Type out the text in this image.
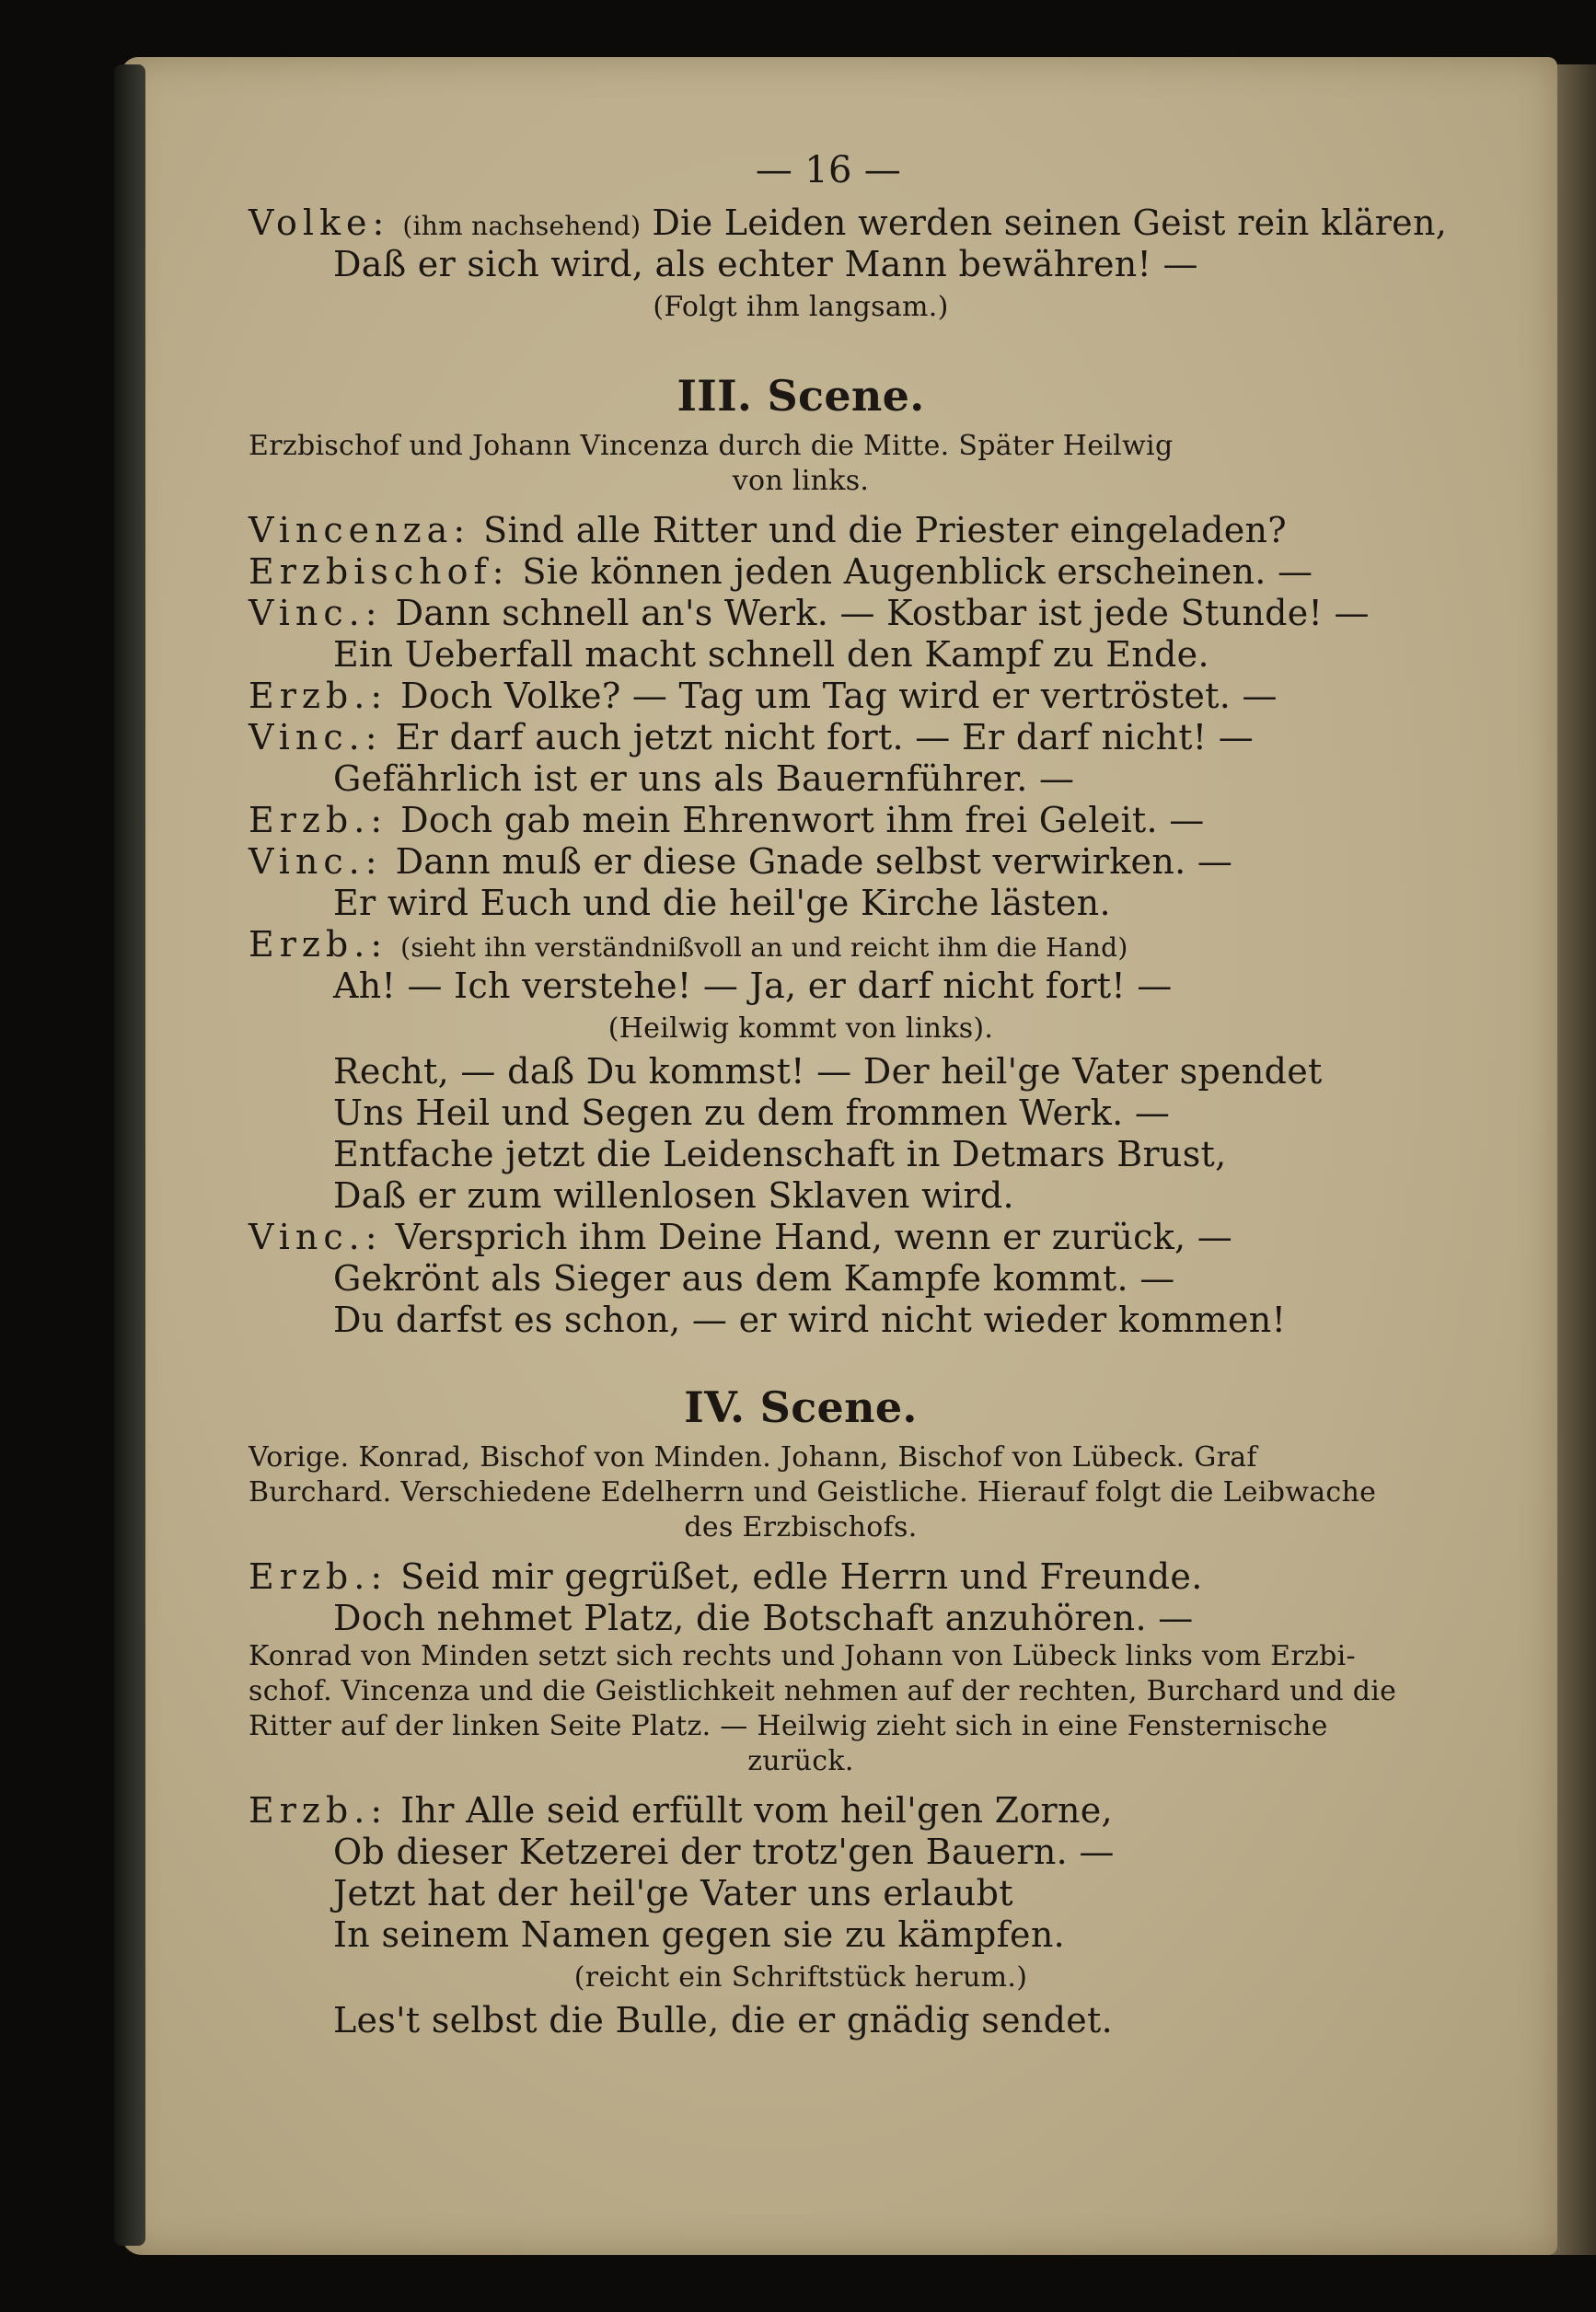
— 16 —
Volke: (ihm nachsehend) Die Leiden werden seinen Geist rein klären,
Daß er sich wird, als echter Mann bewähren! —
(Folgt ihm langsam.)
III. Scene.
Erzbischof und Johann Vincenza durch die Mitte. Später Heilwig
von links.
Vincenza: Sind alle Ritter und die Priester eingeladen?
Erzbischof: Sie können jeden Augenblick erscheinen. —
Vinc.: Dann schnell an's Werk. — Kostbar ist jede Stunde! —
Ein Ueberfall macht schnell den Kampf zu Ende.
Erzb.: Doch Volke? — Tag um Tag wird er vertröstet. —
Vinc.: Er darf auch jetzt nicht fort. — Er darf nicht! —
Gefährlich ist er uns als Bauernführer. —
Erzb.: Doch gab mein Ehrenwort ihm frei Geleit. —
Vinc.: Dann muß er diese Gnade selbst verwirken. —
Er wird Euch und die heil'ge Kirche lästen.
Erzb.: (sieht ihn verständnißvoll an und reicht ihm die Hand)
Ah! — Ich verstehe! — Ja, er darf nicht fort! —
(Heilwig kommt von links).
Recht, — daß Du kommst! — Der heil'ge Vater spendet
Uns Heil und Segen zu dem frommen Werk. —
Entfache jetzt die Leidenschaft in Detmars Brust,
Daß er zum willenlosen Sklaven wird.
Vinc.: Versprich ihm Deine Hand, wenn er zurück, —
Gekrönt als Sieger aus dem Kampfe kommt. —
Du darfst es schon, — er wird nicht wieder kommen!
IV. Scene.
Vorige. Konrad, Bischof von Minden. Johann, Bischof von Lübeck. Graf
Burchard. Verschiedene Edelherrn und Geistliche. Hierauf folgt die Leibwache
des Erzbischofs.
Erzb.: Seid mir gegrüßet, edle Herrn und Freunde.
Doch nehmet Platz, die Botschaft anzuhören. —
Konrad von Minden setzt sich rechts und Johann von Lübeck links vom Erzbi-
schof. Vincenza und die Geistlichkeit nehmen auf der rechten, Burchard und die
Ritter auf der linken Seite Platz. — Heilwig zieht sich in eine Fensternische
zurück.
Erzb.: Ihr Alle seid erfüllt vom heil'gen Zorne,
Ob dieser Ketzerei der trotz'gen Bauern. —
Jetzt hat der heil'ge Vater uns erlaubt
In seinem Namen gegen sie zu kämpfen.
(reicht ein Schriftstück herum.)
Les't selbst die Bulle, die er gnädig sendet.
